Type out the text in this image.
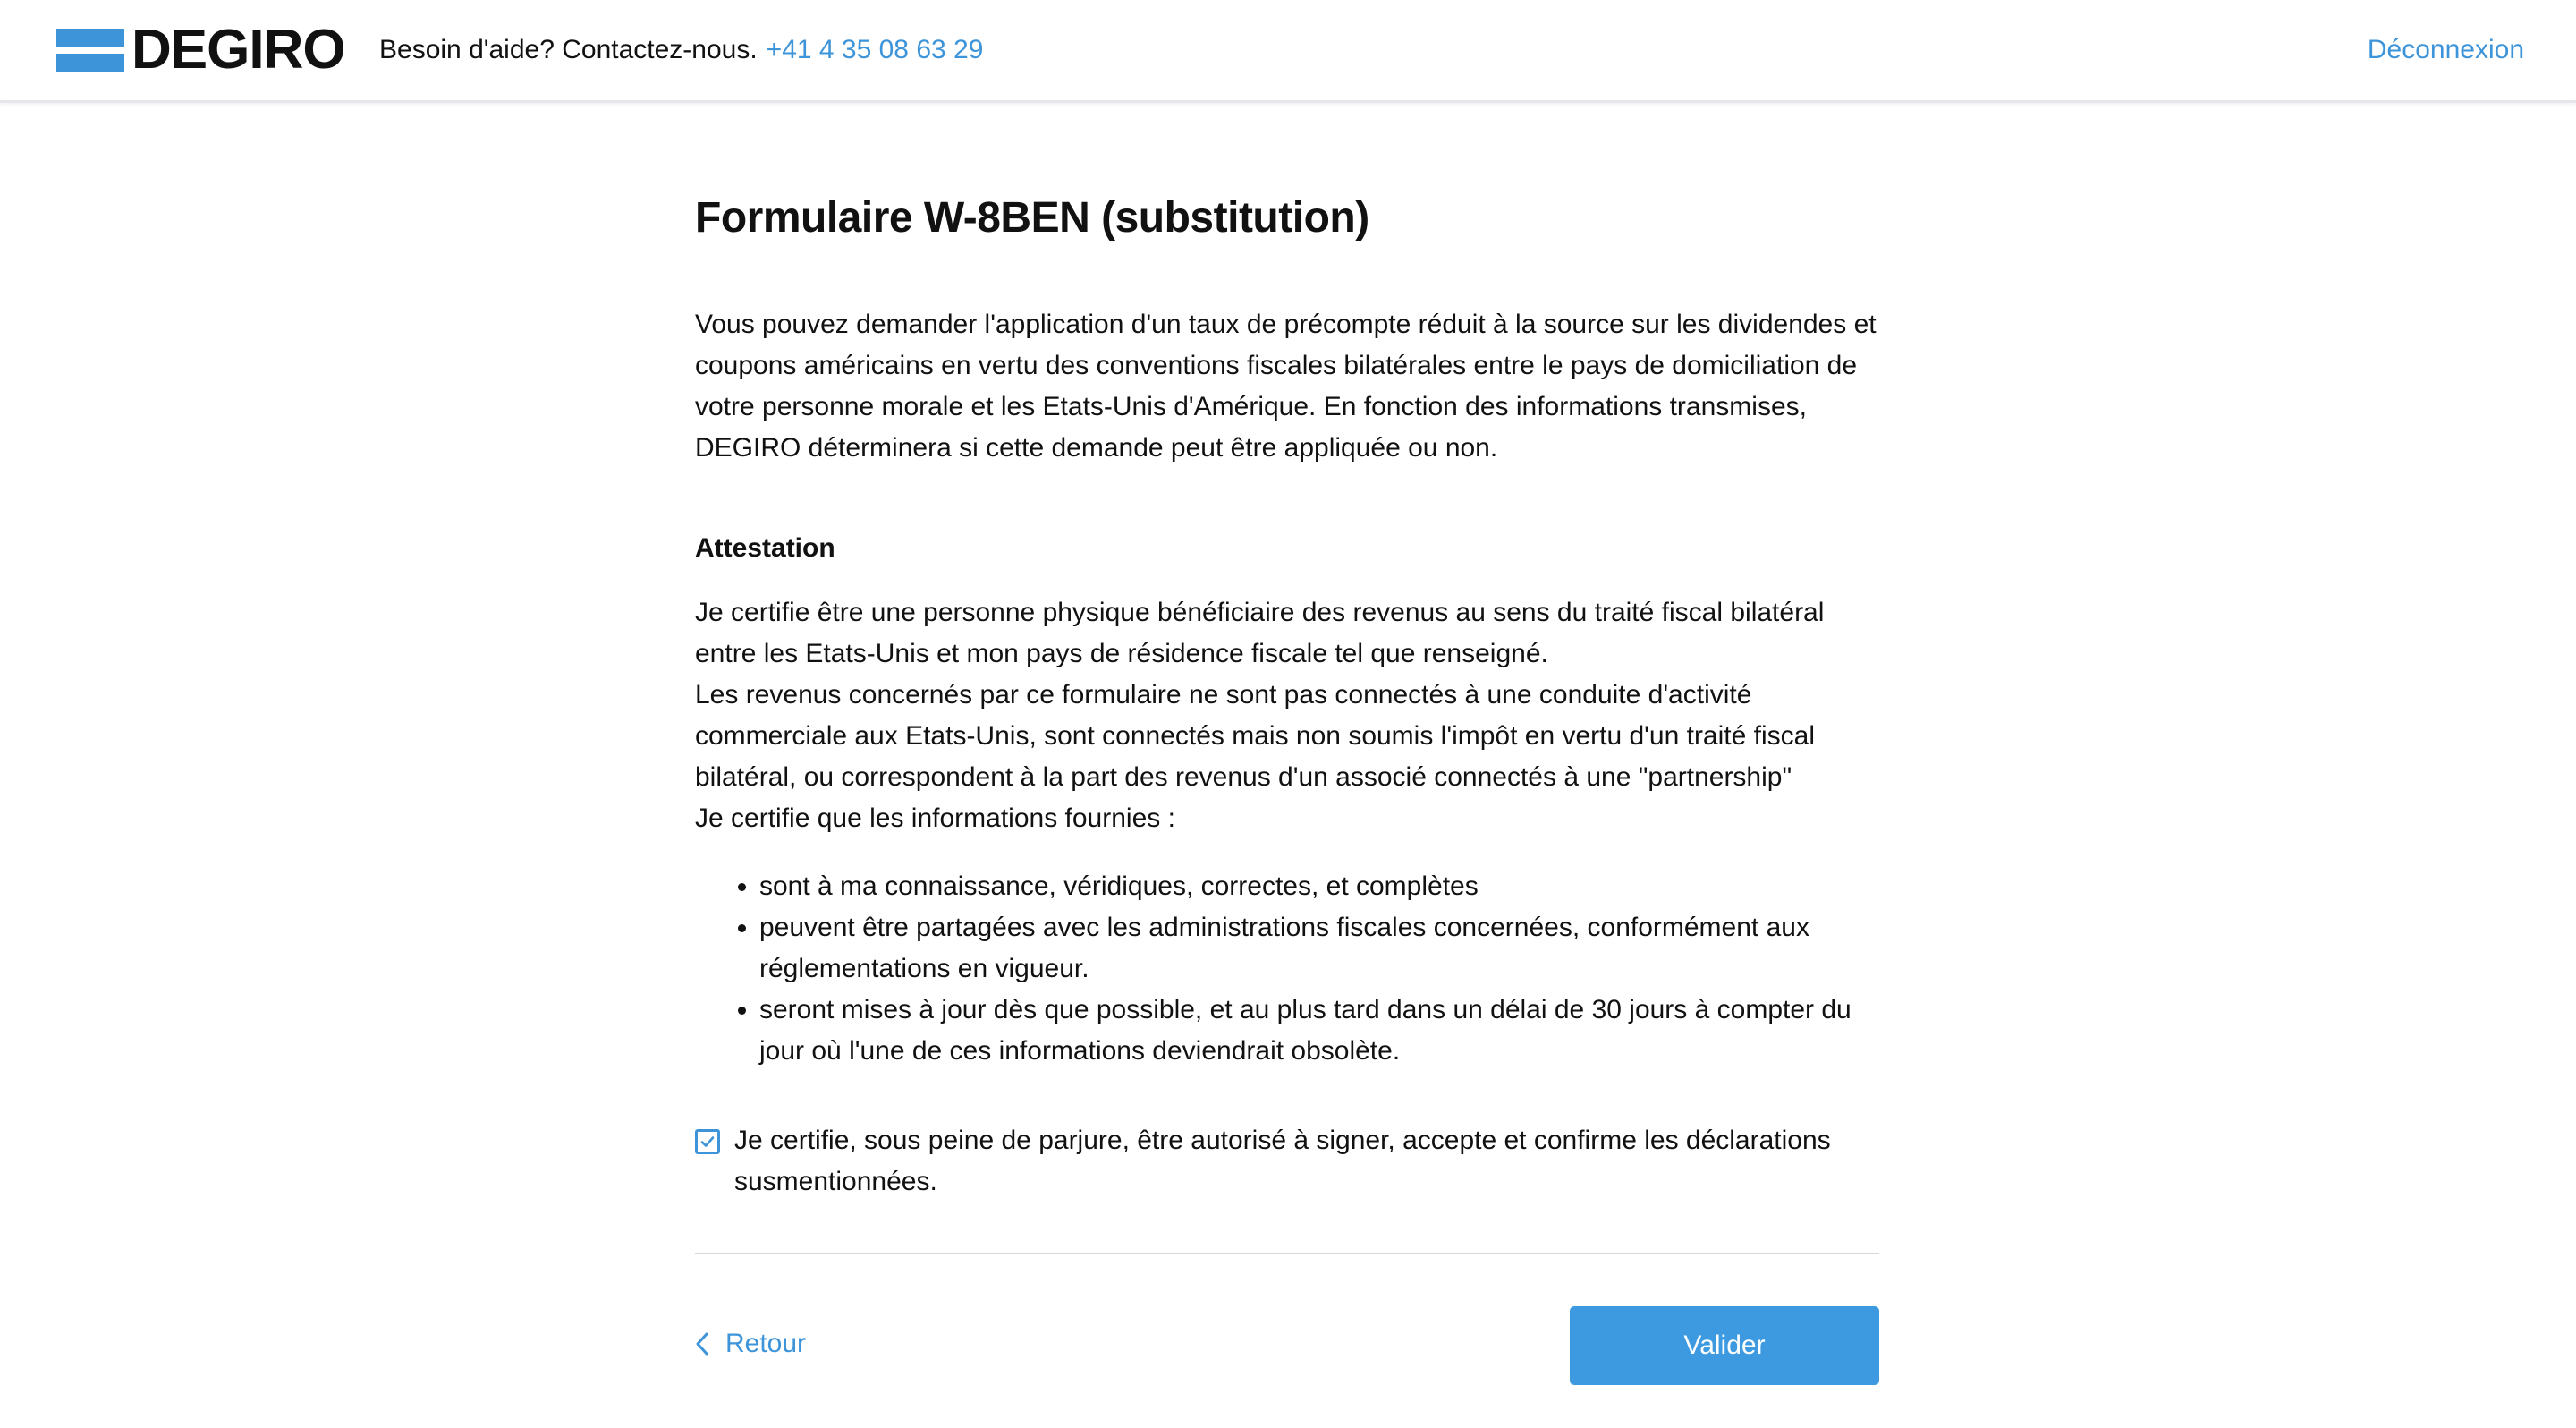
DEGIRO Besoin d'aide? Contactez-nous. +41 4 35 08 63 29	Déconnexion
Formulaire W-8BEN (substitution)
Vous pouvez demander l'application d'un taux de précompte réduit à la source sur les dividendes et coupons américains en vertu des conventions fiscales bilatérales entre le pays de domiciliation de votre personne morale et les Etats-Unis d'Amérique. En fonction des informations transmises, DEGIRO déterminera si cette demande peut être appliquée ou non.
Attestation

Je certifie être une personne physique bénéficiaire des revenus au sens du traité fiscal bilatéral entre les Etats-Unis et mon pays de résidence fiscale tel que renseigné.

Les revenus concernés par ce formulaire ne sont pas connectés à une conduite d'activité commerciale aux Etats-Unis, sont connectés mais non soumis l'impôt en vertu d'un traité fiscal bilatéral, ou correspondent à la part des revenus d'un associé connectés à une "partnership"

Je certifie que les informations fournies :

• sont à ma connaissance, véridiques, correctes, et complètes
• peuvent être partagées avec les administrations fiscales concernées, conformément aux réglementations en vigueur.
• seront mises à jour dès que possible, et au plus tard dans un délai de 30 jours à compter du jour où l'une de ces informations deviendrait obsolète.
Je certifie, sous peine de parjure, être autorisé à signer, accepte et confirme les déclarations susmentionnées.
Retour	Valider
